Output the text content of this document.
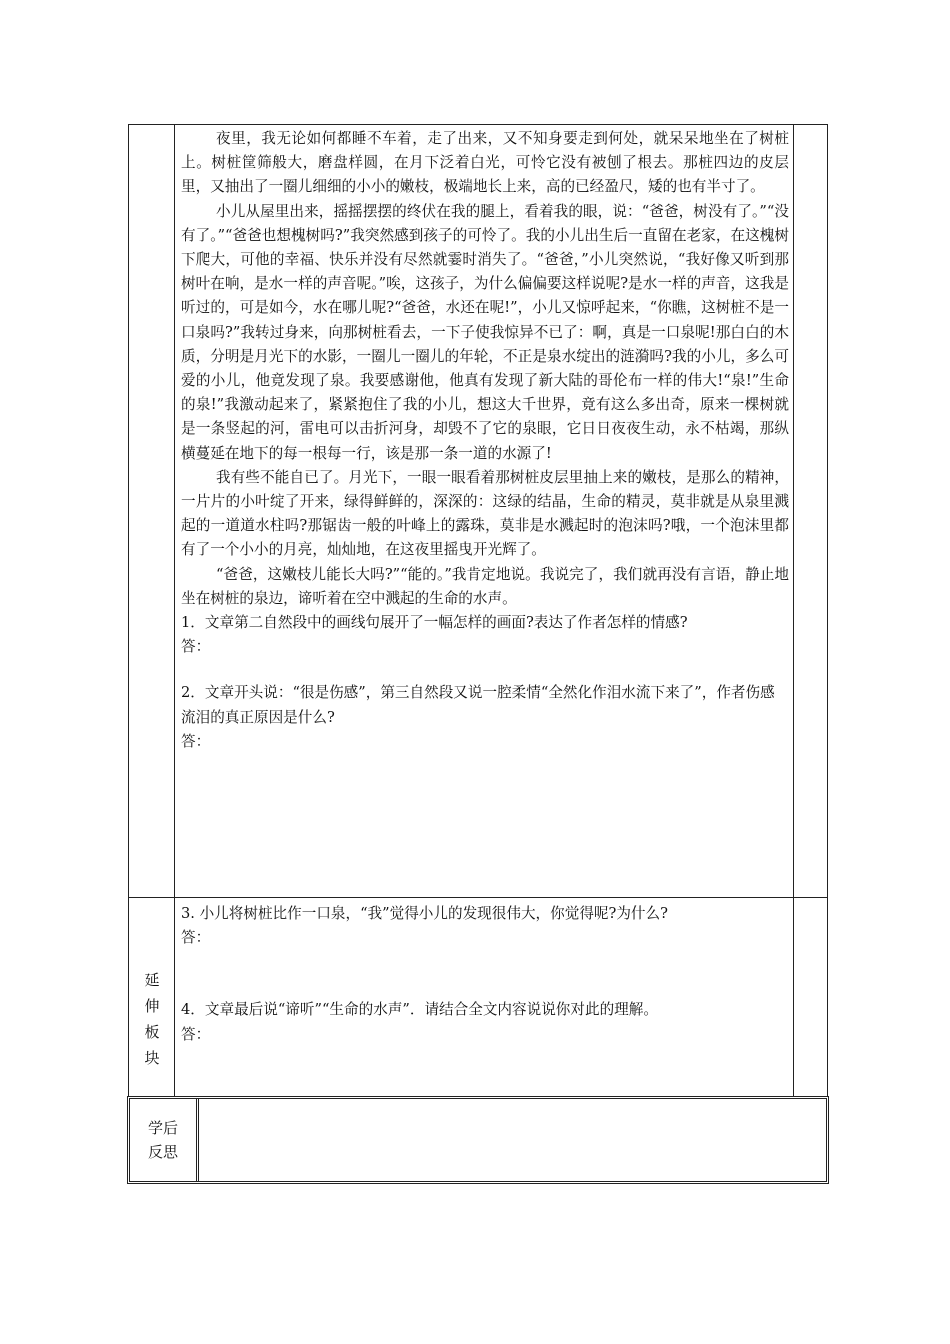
夜里，我无论如何都睡不车着，走了出来，又不知身要走到何处，就呆呆地坐在了树桩上。树桩筐筛般大，磨盘样圆，在月下泛着白光，可怜它没有被刨了根去。那桩四边的皮层里，又抽出了一圈儿细细的小小的嫩枝，极端地长上来，高的已经盈尺，矮的也有半寸了。

小儿从屋里出来，摇摇摆摆的终伏在我的腿上，看着我的眼，说：“爸爸，树没有了。”“没有了。”“爸爸也想槐树吗?”我突然感到孩子的可怜了。我的小儿出生后一直留在老家，在这槐树下爬大，可他的幸福、快乐并没有尽然就霎时消失了。“爸爸，”小儿突然说，“我好像又听到那树叶在响，是水一样的声音呢。”唉，这孩子，为什么偏偏要这样说呢?是水一样的声音，这我是听过的，可是如今，水在哪儿呢?“爸爸，水还在呢!”，小儿又惊呼起来，“你瞧，这树桩不是一口泉吗?”我转过身来，向那树桩看去，一下子使我惊异不已了：啊，真是一口泉呢!那白白的木质，分明是月光下的水影，一圈儿一圈儿的年轮，不正是泉水绽出的涟漪吗?我的小儿，多么可爱的小儿，他竟发现了泉。我要感谢他，他真有发现了新大陆的哥伦布一样的伟大!“泉!”生命的泉!”我激动起来了，紧紧抱住了我的小儿，想这大千世界，竟有这么多出奇，原来一棵树就是一条竖起的河，雷电可以击折河身，却毁不了它的泉眼，它日日夜夜生动，永不枯竭，那纵横蔓延在地下的每一根每一行，该是那一条一道的水源了!

我有些不能自已了。月光下，一眼一眼看着那树桩皮层里抽上来的嫩枝，是那么的精神，一片片的小叶绽了开来，绿得鲜鲜的，深深的：这绿的结晶，生命的精灵，莫非就是从泉里溅起的一道道水柱吗?那锯齿一般的叶峰上的露珠，莫非是水溅起时的泡沫吗?哦，一个泡沫里都有了一个小小的月亮，灿灿地，在这夜里摇曳开光辉了。

“爸爸，这嫩枝儿能长大吗?”“能的。”我肯定地说。我说完了，我们就再没有言语，静止地坐在树桩的泉边，谛听着在空中溅起的生命的水声。

1．文章第二自然段中的画线句展开了一幅怎样的画面?表达了作者怎样的情感?

答：

2．文章开头说：“很是伤感”，第三自然段又说一腔柔情“全然化作泪水流下来了”，作者伤感流泪的真正原因是什么?

答：

延
伸
板
块

3. 小儿将树桩比作一口泉，“我”觉得小儿的发现很伟大，你觉得呢?为什么?

答：

4．文章最后说“谛听”“生命的水声”．请结合全文内容说说你对此的理解。

答：

学后
反思
